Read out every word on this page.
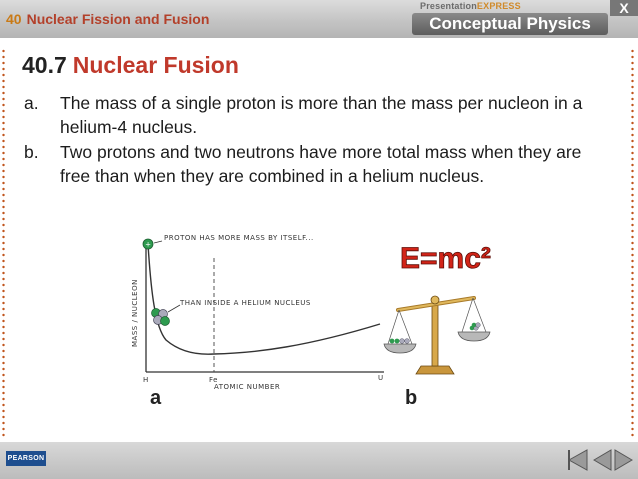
40 Nuclear Fission and Fusion
PresentationEXPRESS
Conceptual Physics
X
40.7 Nuclear Fusion
a. The mass of a single proton is more than the mass per nucleon in a helium-4 nucleus.
b. Two protons and two neutrons have more total mass when they are free than when they are combined in a helium nucleus.
+
PROTON HAS MORE MASS BY ITSELF...
THAN INSIDE A HELIUM NUCLEUS
MASS / NUCLEON
H	Fe	U
ATOMIC NUMBER
a	b
E=mc²
PEARSON
